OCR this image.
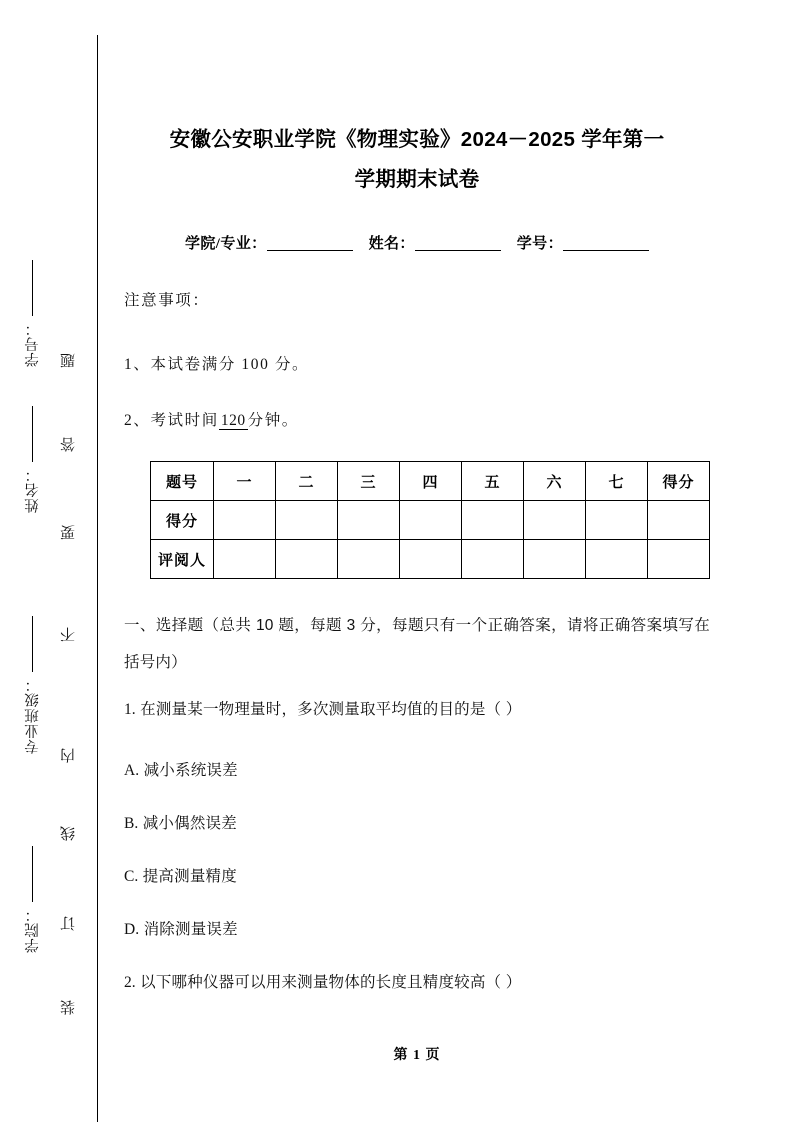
学号：
姓名：
专业班级：
学院：
题
答
要
不
内
线
订
装
安徽公安职业学院《物理实验》2024－2025 学年第一
学期期末试卷
学院/专业：	姓名：	学号：
注意事项：
1、本试卷满分 100 分。
2、考试时间 120 分钟。
题号	一	二	三	四	五	六	七	得分
得分								
评阅人								
一、选择题（总共 10 题，每题 3 分，每题只有一个正确答案，请将正确答案填写在括号内）
1. 在测量某一物理量时，多次测量取平均值的目的是（ ）
A. 减小系统误差
B. 减小偶然误差
C. 提高测量精度
D. 消除测量误差
2. 以下哪种仪器可以用来测量物体的长度且精度较高（ ）
第 1 页
